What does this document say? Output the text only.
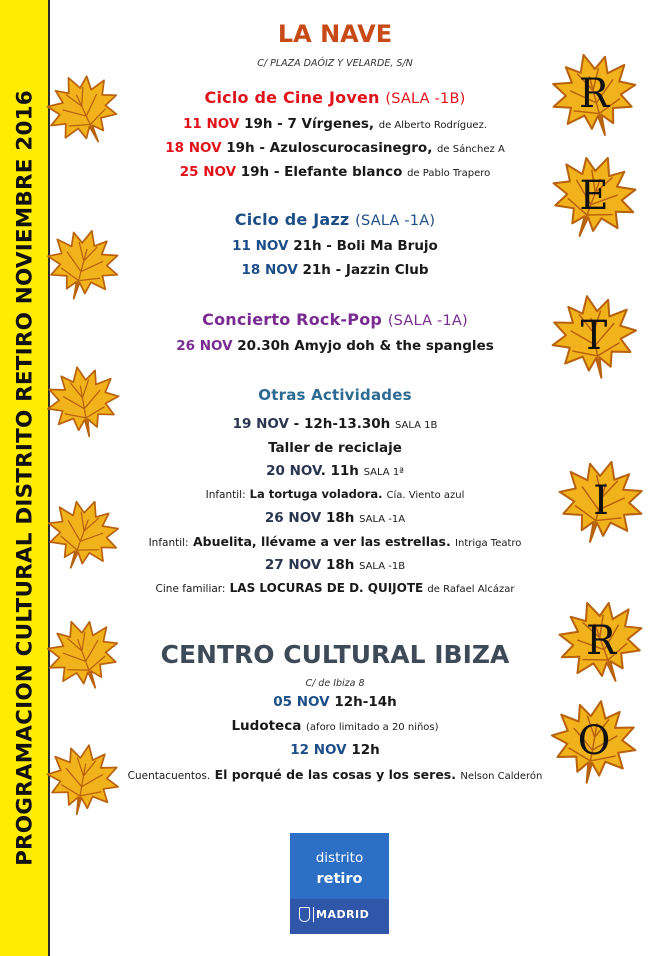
PROGRAMACION CULTURAL DISTRITO RETIRO NOVIEMBRE 2016	R
E
T
I
R
O
LA NAVE
C/ PLAZA DAÓIZ Y VELARDE, S/N
Ciclo de Cine Joven (SALA -1B)
11 NOV 19h - 7 Vírgenes, de Alberto Rodríguez.
18 NOV 19h - Azuloscurocasinegro, de Sánchez A
25 NOV 19h - Elefante blanco de Pablo Trapero
Ciclo de Jazz (SALA -1A)
11 NOV 21h - Boli Ma Brujo
18 NOV 21h - Jazzin Club
Concierto Rock-Pop (SALA -1A)
26 NOV 20.30h Amyjo doh & the spangles
Otras Actividades
19 NOV - 12h-13.30h SALA 1B
Taller de reciclaje
20 NOV. 11h SALA 1ª
Infantil: La tortuga voladora. Cía. Viento azul
26 NOV 18h SALA -1A
Infantil: Abuelita, llévame a ver las estrellas. Intriga Teatro
27 NOV 18h SALA -1B
Cine familiar: LAS LOCURAS DE D. QUIJOTE de Rafael Alcázar
CENTRO CULTURAL IBIZA
C/ de Ibiza 8
05 NOV 12h-14h
Ludoteca (aforo limitado a 20 niños)
12 NOV 12h
Cuentacuentos. El porqué de las cosas y los seres. Nelson Calderón
distrito
retiro
MADRID
